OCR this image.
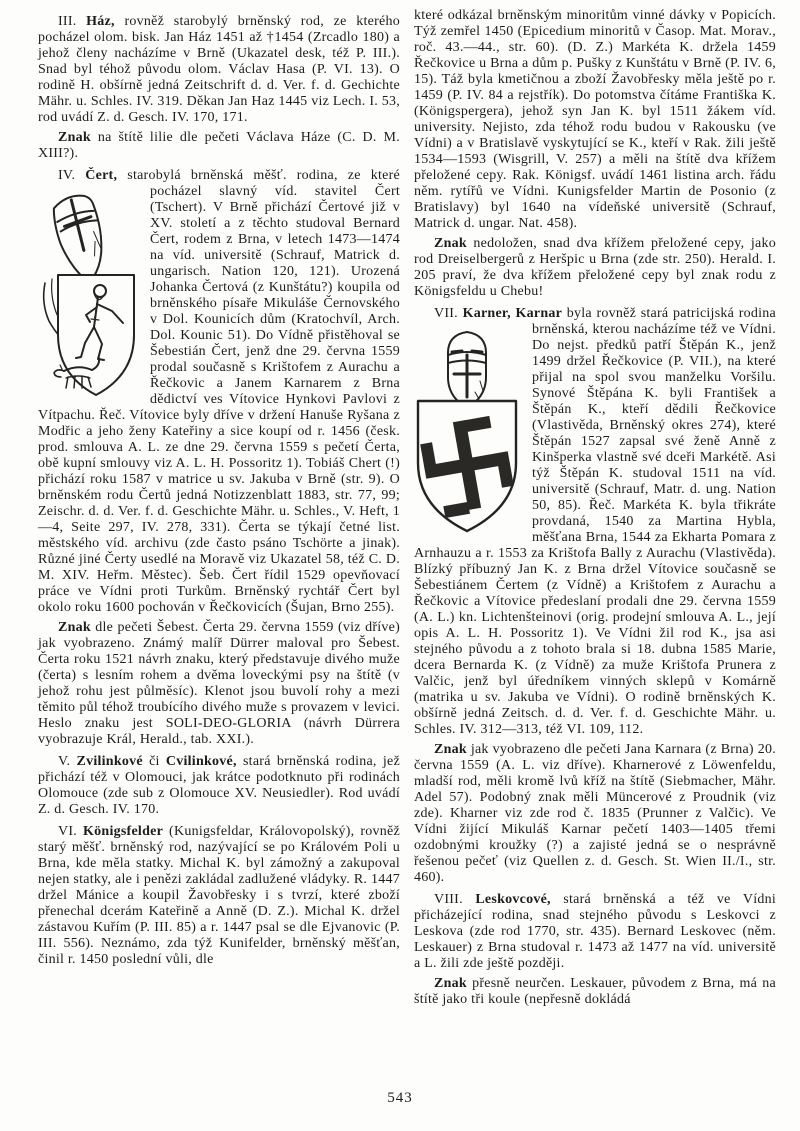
III. Ház, rovněž starobylý brněnský rod, ze kterého pocházel olom. bisk. Jan Ház 1451 až †1454 (Zrcadlo 180) a jehož členy nacházíme v Brně (Ukazatel desk, též P. III.). Snad byl téhož původu olom. Václav Hasa (P. VI. 13). O rodině H. obšírně jedná Zeitschrift d. d. Ver. f. d. Gechichte Mähr. u. Schles. IV. 319. Děkan Jan Haz 1445 viz Lech. I. 53, rod uvádí Z. d. Gesch. IV. 170, 171.

Znak na štítě lilie dle pečeti Václava Háze (C. D. M. XIII?).

IV. Čert, starobylá brněnská měšť. rodina, ze
které pocházel slavný víd. stavitel Čert (Tschert). V Brně přichází Čertové již v XV. století a z těchto studoval Bernard Čert, rodem z Brna, v letech 1473—1474 na víd. universitě (Schrauf, Matrick d. ungarisch. Nation 120, 121). Urozená Johanka Čertová (z Kunštátu?) koupila od brněnského písaře Mikuláše Černovského v Dol. Kounicích dům (Kratochvíl, Arch. Dol. Kounic 51). Do Vídně přistěhoval se Šebestián Čert, jenž dne 29. června 1559 prodal současně s Krištofem z Aurachu a Řečkovic a Janem Karnarem z Brna dědictví ves Vítovice Hynkovi Pavlovi z Vítpachu. Řeč. Vítovice byly dříve v držení Hanuše Ryšana z Modřic a jeho ženy Kateřiny a sice koupí od r. 1456 (česk. prod. smlouva A. L. ze dne 29. června 1559 s pečetí Čerta, obě kupní smlouvy viz A. L. H. Possoritz 1). Tobiáš Chert (!) přichází roku 1587 v matrice u sv. Jakuba v Brně (str. 9). O brněnském rodu Čertů jedná Notizzenblatt 1883, str. 77, 99; Zeischr. d. d. Ver. f. d. Geschichte Mähr. u. Schles., V. Heft, 1—4, Seite 297, IV. 278, 331). Čerta se týkají četné list. městského víd. archivu (zde často psáno Tschörte a jinak). Různé jiné Čerty usedlé na Moravě viz Ukazatel 58, též C. D. M. XIV. Heřm. Městec). Šeb. Čert řídil 1529 opevňovací práce ve Vídni proti Turkům. Brněnský rychtář Čert byl okolo roku 1600 pochován v Řečkovicích (Šujan, Brno 255).

Znak dle pečeti Šebest. Čerta 29. června 1559 (viz dříve) jak vyobrazeno. Známý malíř Dürrer maloval pro Šebest. Čerta roku 1521 návrh znaku, který představuje divého muže (čerta) s lesním rohem a dvěma loveckými psy na štítě (v jehož rohu jest půlměsíc). Klenot jsou buvolí rohy a mezi těmito půl téhož troubícího divého muže s provazem v levici. Heslo znaku jest SOLI-DEO-GLORIA (návrh Dürrera vyobrazuje Král, Herald., tab. XXI.).

V. Zvilinkové či Cvilinkové, stará brněnská rodina, jež přichází též v Olomouci, jak krátce podotknuto při rodinách Olomouce (zde sub z Olomouce XV. Neusiedler). Rod uvádí Z. d. Gesch. IV. 170.

VI. Königsfelder (Kunigsfeldar, Královopolský), rovněž starý měšť. brněnský rod, nazývající se po Královém Poli u Brna, kde měla statky. Michal K. byl zámožný a zakupoval nejen statky, ale i penězi zakládal zadlužené vládyky. R. 1447 držel Mánice a koupil Žavobřesky i s tvrzí, které zboží přenechal dcerám Kateřině a Anně (D. Z.). Michal K. držel zástavou Kuřím (P. III. 85) a r. 1447 psal se dle Ejvanovic (P. III. 556). Neznámo, zda týž Kunifelder, brněnský měšťan, činil r. 1450 poslední vůli, dle

které odkázal brněnským minoritům vinné dávky v Popicích. Týž zemřel 1450 (Epicedium minoritů v Časop. Mat. Morav., roč. 43.—44., str. 60). (D. Z.) Markéta K. držela 1459 Řečkovice u Brna a dům p. Pušky z Kunštátu v Brně (P. IV. 6, 15). Táž byla kmetičnou a zboží Žavobřesky měla ještě po r. 1459 (P. IV. 84 a rejstřík). Do potomstva čítáme Františka K. (Königspergera), jehož syn Jan K. byl 1511 žákem víd. university. Nejisto, zda téhož rodu budou v Rakousku (ve Vídni) a v Bratislavě vyskytující se K., kteří v Rak. žili ještě 1534—1593 (Wisgrill, V. 257) a měli na štítě dva křížem přeložené cepy. Rak. Königsf. uvádí 1461 listina arch. řádu něm. rytířů ve Vídni. Kunigsfelder Martin de Posonio (z Bratislavy) byl 1640 na vídeňské universitě (Schrauf, Matrick d. ungar. Nat. 458).

Znak nedoložen, snad dva křížem přeložené cepy, jako rod Dreiselbergerů z Heršpic u Brna (zde str. 250). Herald. I. 205 praví, že dva křížem přeložené cepy byl znak rodu z Königsfeldu u Chebu!

VII. Karner, Karnar byla rovněž stará
patricijská rodina brněnská, kterou nacházíme též ve Vídni. Do nejst. předků patří Štěpán K., jenž 1499 držel Řečkovice (P. VII.), na které přijal na spol svou manželku Voršilu. Synové Štěpána K. byli František a Štěpán K., kteří dědili Řečkovice (Vlastivěda, Brněnský okres 274), které Štěpán 1527 zapsal své ženě Anně z Kinšperka vlastně své dceři Markétě. Asi týž Štěpán K. studoval 1511 na víd. universitě (Schrauf, Matr. d. ung. Nation 50, 85). Řeč. Markéta K. byla třikráte provdaná, 1540 za Martina Hybla, měšťana Brna, 1544 za Ekharta Pomara z Arnhauzu a r. 1553 za Krištofa Bally z Aurachu (Vlastivěda). Blízký příbuzný Jan K. z Brna držel Vítovice současně se Šebestiánem Čertem (z Vídně) a Krištofem z Aurachu a Řečkovic a Vítovice předeslaní prodali dne 29. června 1559 (A. L.) kn. Lichtenšteinovi (orig. prodejní smlouva A. L., její opis A. L. H. Possoritz 1). Ve Vídni žil rod K., jsa asi stejného původu a z tohoto brala si 18. dubna 1585 Marie, dcera Bernarda K. (z Vídně) za muže Krištofa Prunera z Valčic, jenž byl úředníkem vinných sklepů v Komárně (matrika u sv. Jakuba ve Vídni). O rodině brněnských K. obšírně jedná Zeitsch. d. d. Ver. f. d. Geschichte Mähr. u. Schles. IV. 312—313, též VI. 109, 112.

Znak jak vyobrazeno dle pečeti Jana Karnara (z Brna) 20. června 1559 (A. L. viz dříve). Kharnerové z Löwenfeldu, mladší rod, měli kromě lvů kříž na štítě (Siebmacher, Mähr. Adel 57). Podobný znak měli Müncerové z Proudnik (viz zde). Kharner viz zde rod č. 1835 (Prunner z Valčic). Ve Vídni žijící Mikuláš Karnar pečetí 1403—1405 třemi ozdobnými kroužky (?) a zajisté jedná se o nesprávně řešenou pečeť (viz Quellen z. d. Gesch. St. Wien II./I., str. 460).

VIII. Leskovcové, stará brněnská a též ve Vídni přicházející rodina, snad stejného původu s Leskovci z Leskova (zde rod 1770, str. 435). Bernard Leskovec (něm. Leskauer) z Brna studoval r. 1473 až 1477 na víd. universitě a L. žili zde ještě později.

Znak přesně neurčen. Leskauer, původem z Brna, má na štítě jako tři koule (nepřesně dokládá

543
